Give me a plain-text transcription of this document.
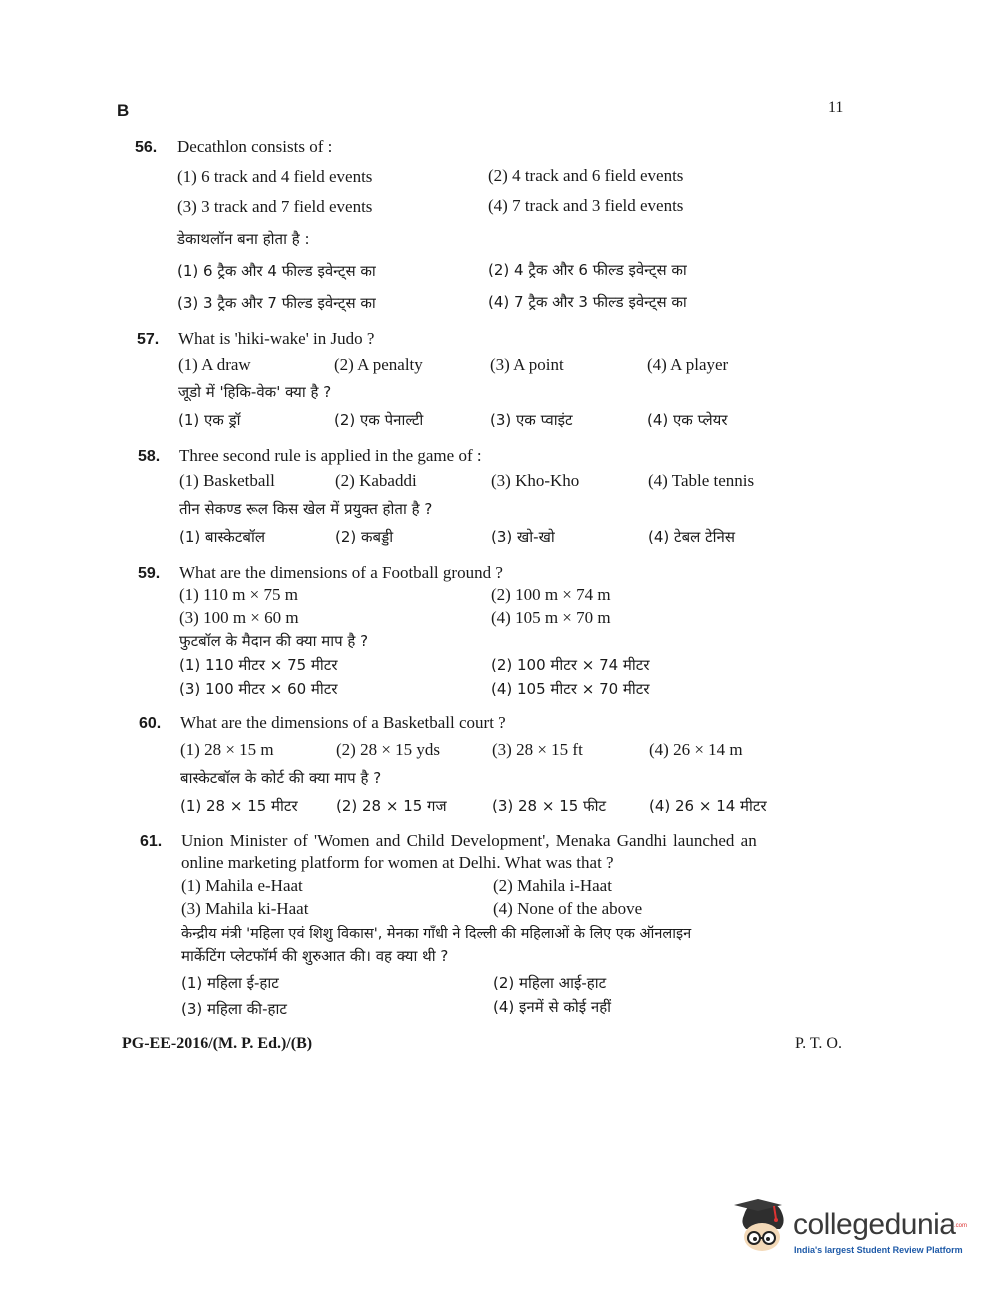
B	11
56. Decathlon consists of :
(1) 6 track and 4 field events	(2) 4 track and 6 field events
(3) 3 track and 7 field events	(4) 7 track and 3 field events
डेकाथलॉन बना होता है :
(1) 6 ट्रैक और 4 फील्ड इवेन्ट्स का	(2) 4 ट्रैक और 6 फील्ड इवेन्ट्स का
(3) 3 ट्रैक और 7 फील्ड इवेन्ट्स का	(4) 7 ट्रैक और 3 फील्ड इवेन्ट्स का
57. What is 'hiki-wake' in Judo ?
(1) A draw	(2) A penalty	(3) A point	(4) A player
जूडो में 'हिकि-वेक' क्या है ?
(1) एक ड्रॉ	(2) एक पेनाल्टी	(3) एक प्वाइंट	(4) एक प्लेयर
58. Three second rule is applied in the game of :
(1) Basketball	(2) Kabaddi	(3) Kho-Kho	(4) Table tennis
तीन सेकण्ड रूल किस खेल में प्रयुक्त होता है ?
(1) बास्केटबॉल	(2) कबड्डी	(3) खो-खो	(4) टेबल टेनिस
59. What are the dimensions of a Football ground ?
(1) 110 m × 75 m	(2) 100 m × 74 m
(3) 100 m × 60 m	(4) 105 m × 70 m
फुटबॉल के मैदान की क्या माप है ?
(1) 110 मीटर × 75 मीटर	(2) 100 मीटर × 74 मीटर
(3) 100 मीटर × 60 मीटर	(4) 105 मीटर × 70 मीटर
60. What are the dimensions of a Basketball court ?
(1) 28 × 15 m	(2) 28 × 15 yds	(3) 28 × 15 ft	(4) 26 × 14 m
बास्केटबॉल के कोर्ट की क्या माप है ?
(1) 28 × 15 मीटर	(2) 28 × 15 गज	(3) 28 × 15 फीट	(4) 26 × 14 मीटर
61. Union Minister of 'Women and Child Development', Menaka Gandhi launched an
online marketing platform for women at Delhi. What was that ?
(1) Mahila e-Haat	(2) Mahila i-Haat
(3) Mahila ki-Haat	(4) None of the above
केन्द्रीय मंत्री 'महिला एवं शिशु विकास', मेनका गाँधी ने दिल्ली की महिलाओं के लिए एक ऑनलाइन
मार्केटिंग प्लेटफॉर्म की शुरुआत की। वह क्या थी ?
(1) महिला ई-हाट	(2) महिला आई-हाट
(3) महिला की-हाट	(4) इनमें से कोई नहीं
PG-EE-2016/(M. P. Ed.)/(B)	P. T. O.
collegedunia
.com
India's largest Student Review Platform
